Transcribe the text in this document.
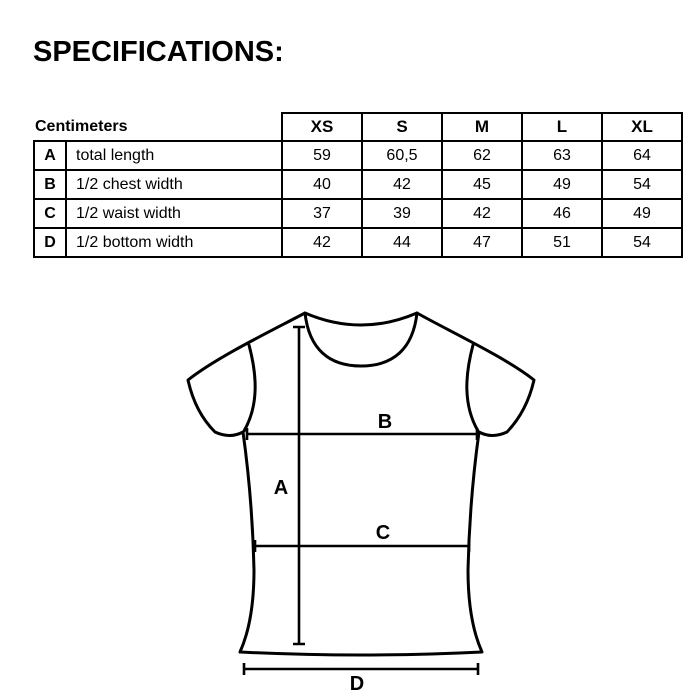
SPECIFICATIONS:
Centimeters		XS	S	M	L	XL
A	total length	59	60,5	62	63	64
B	1/2 chest width	40	42	45	49	54
C	1/2 waist width	37	39	42	46	49
D	1/2 bottom width	42	44	47	51	54
A
B
C
D
